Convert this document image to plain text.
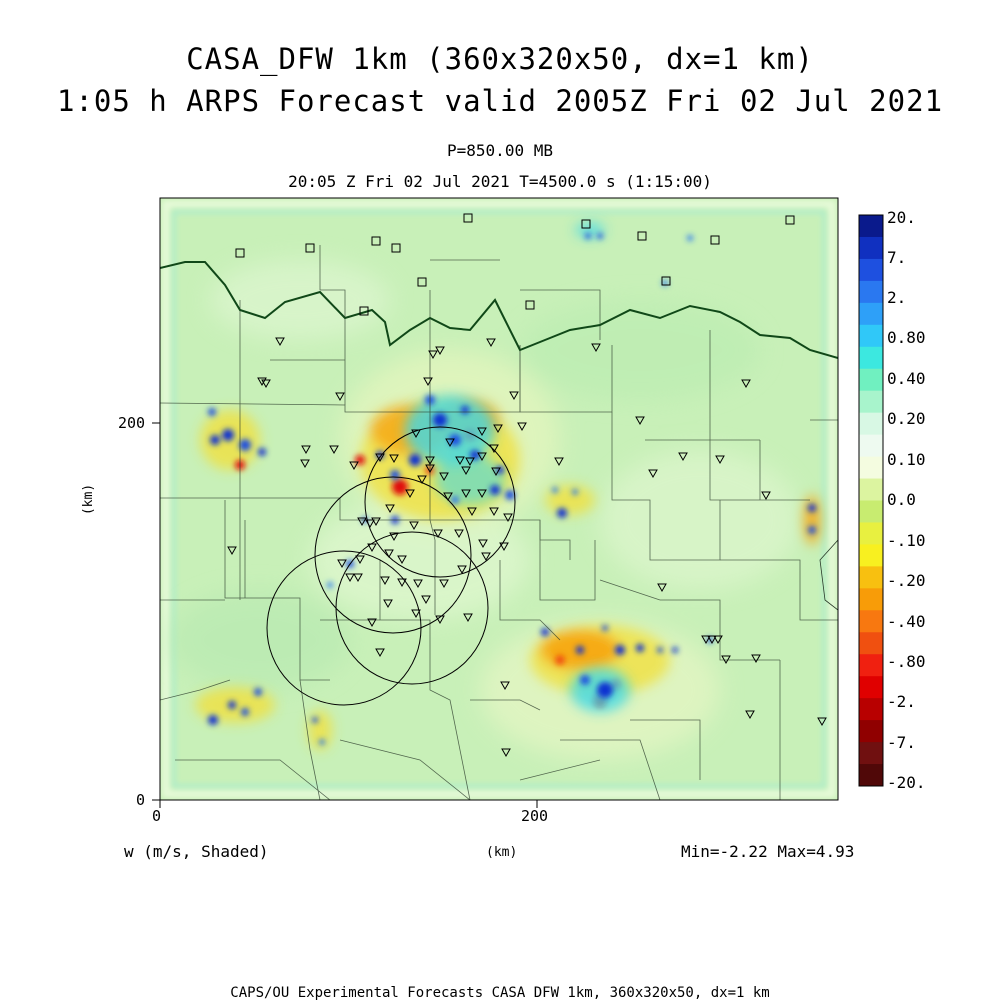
CASA_DFW 1km (360x320x50, dx=1 km)
1:05 h ARPS Forecast valid 2005Z Fri 02 Jul 2021
P=850.00 MB
20:05 Z Fri 02 Jul 2021 T=4500.0 s (1:15:00)
0	200
0
200
(km)
w (m/s, Shaded)	(km)	Min=-2.22 Max=4.93
CAPS/OU Experimental Forecasts CASA DFW 1km, 360x320x50, dx=1 km
20.
7.
2.
0.80
0.40
0.20
0.10
0.0
-.10
-.20
-.40
-.80
-2.
-7.
-20.
